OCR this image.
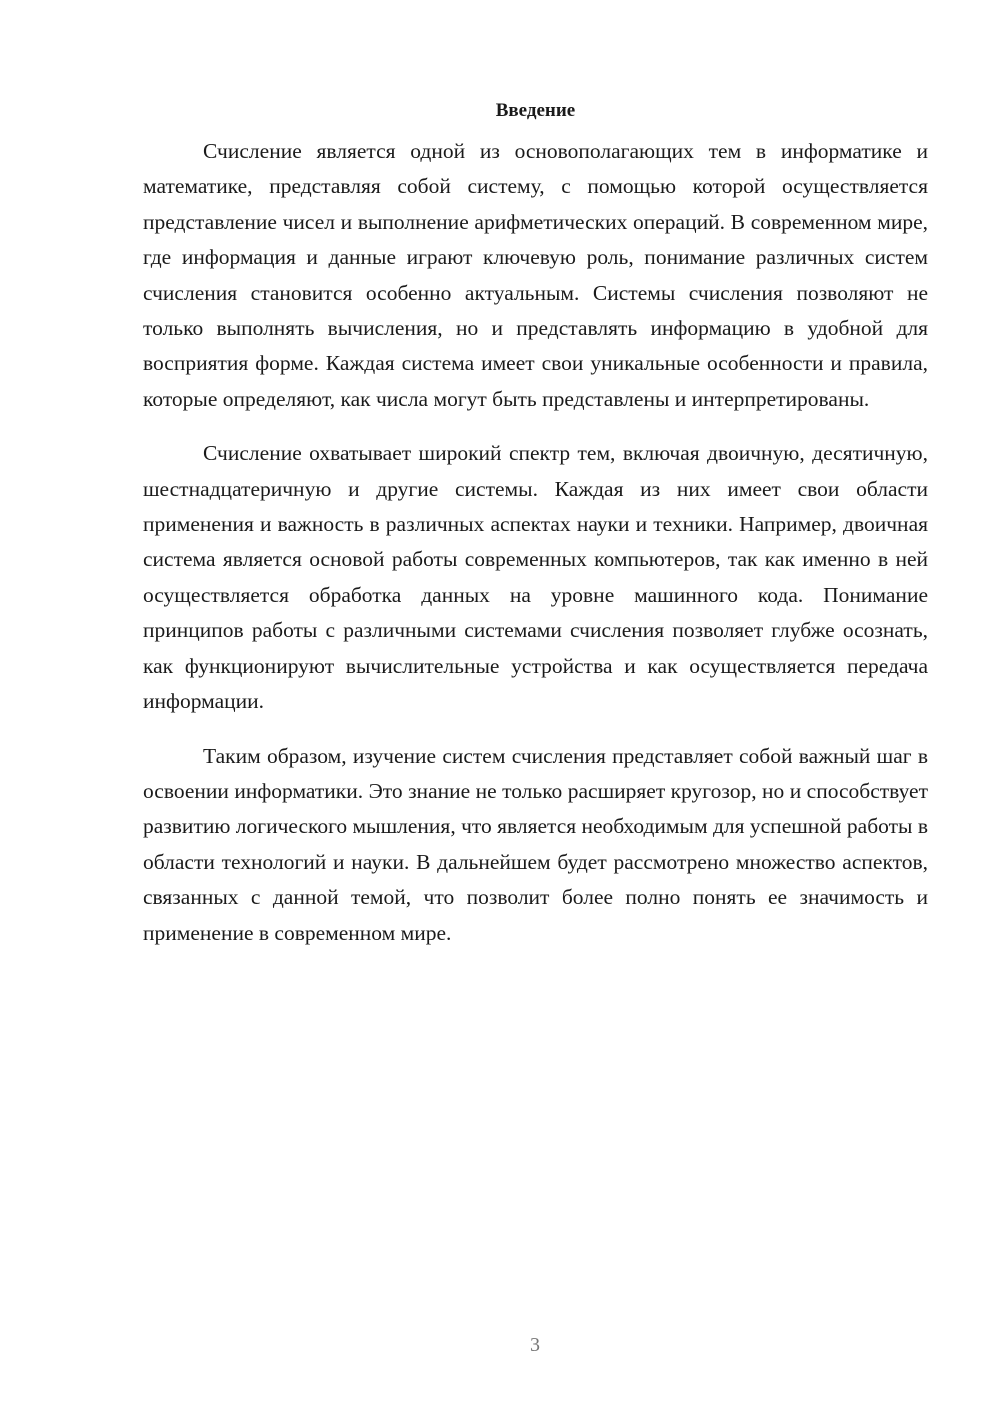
Введение

Счисление является одной из основополагающих тем в информатике и математике, представляя собой систему, с помощью которой осуществляется представление чисел и выполнение арифметических операций. В современном мире, где информация и данные играют ключевую роль, понимание различных систем счисления становится особенно актуальным. Системы счисления позволяют не только выполнять вычисления, но и представлять информацию в удобной для восприятия форме. Каждая система имеет свои уникальные особенности и правила, которые определяют, как числа могут быть представлены и интерпретированы.

Счисление охватывает широкий спектр тем, включая двоичную, десятичную, шестнадцатеричную и другие системы. Каждая из них имеет свои области применения и важность в различных аспектах науки и техники. Например, двоичная система является основой работы современных компьютеров, так как именно в ней осуществляется обработка данных на уровне машинного кода. Понимание принципов работы с различными системами счисления позволяет глубже осознать, как функционируют вычислительные устройства и как осуществляется передача информации.

Таким образом, изучение систем счисления представляет собой важный шаг в освоении информатики. Это знание не только расширяет кругозор, но и способствует развитию логического мышления, что является необходимым для успешной работы в области технологий и науки. В дальнейшем будет рассмотрено множество аспектов, связанных с данной темой, что позволит более полно понять ее значимость и применение в современном мире.

3
